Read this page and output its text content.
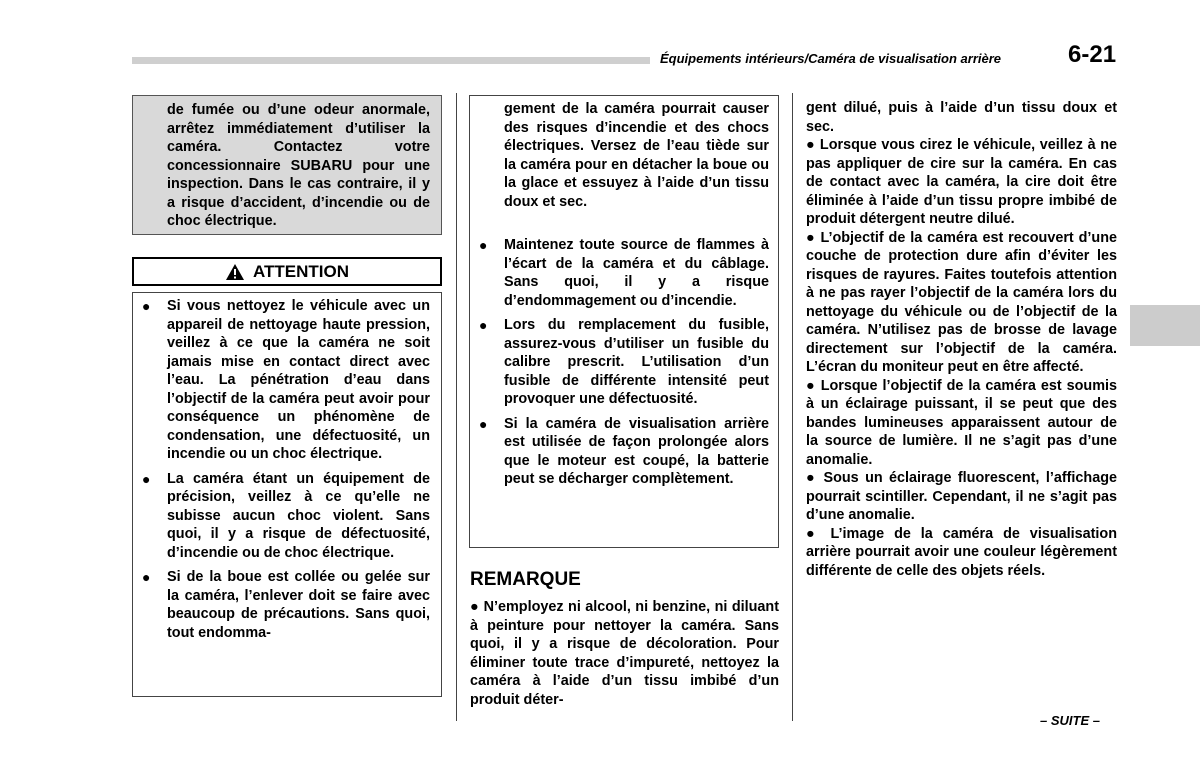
Équipements intérieurs/Caméra de visualisation arrière	6-21
de fumée ou d’une odeur anormale, arrêtez immédiatement d’utiliser la caméra. Contactez votre concessionnaire SUBARU pour une inspection. Dans le cas contraire, il y a risque d’accident, d’incendie ou de choc électrique.
ATTENTION
● Si vous nettoyez le véhicule avec un appareil de nettoyage haute pression, veillez à ce que la caméra ne soit jamais mise en contact direct avec l’eau. La pénétration d’eau dans l’objectif de la caméra peut avoir pour conséquence un phénomène de condensation, une défectuosité, un incendie ou un choc électrique.
● La caméra étant un équipement de précision, veillez à ce qu’elle ne subisse aucun choc violent. Sans quoi, il y a risque de défectuosité, d’incendie ou de choc électrique.
● Si de la boue est collée ou gelée sur la caméra, l’enlever doit se faire avec beaucoup de précautions. Sans quoi, tout endomma-
gement de la caméra pourrait causer des risques d’incendie et des chocs électriques. Versez de l’eau tiède sur la caméra pour en détacher la boue ou la glace et essuyez à l’aide d’un tissu doux et sec.
● Maintenez toute source de flammes à l’écart de la caméra et du câblage. Sans quoi, il y a risque d’endommagement ou d’incendie.
● Lors du remplacement du fusible, assurez-vous d’utiliser un fusible du calibre prescrit. L’utilisation d’un fusible de différente intensité peut provoquer une défectuosité.
● Si la caméra de visualisation arrière est utilisée de façon prolongée alors que le moteur est coupé, la batterie peut se décharger complètement.
REMARQUE
● N’employez ni alcool, ni benzine, ni diluant à peinture pour nettoyer la caméra. Sans quoi, il y a risque de décoloration. Pour éliminer toute trace d’impureté, nettoyez la caméra à l’aide d’un tissu imbibé d’un produit déter-
gent dilué, puis à l’aide d’un tissu doux et sec.
● Lorsque vous cirez le véhicule, veillez à ne pas appliquer de cire sur la caméra. En cas de contact avec la caméra, la cire doit être éliminée à l’aide d’un tissu propre imbibé de produit détergent neutre dilué.
● L’objectif de la caméra est recouvert d’une couche de protection dure afin d’éviter les risques de rayures. Faites toutefois attention à ne pas rayer l’objectif de la caméra lors du nettoyage du véhicule ou de l’objectif de la caméra. N’utilisez pas de brosse de lavage directement sur l’objectif de la caméra. L’écran du moniteur peut en être affecté.
● Lorsque l’objectif de la caméra est soumis à un éclairage puissant, il se peut que des bandes lumineuses apparaissent autour de la source de lumière. Il ne s’agit pas d’une anomalie.
● Sous un éclairage fluorescent, l’affichage pourrait scintiller. Cependant, il ne s’agit pas d’une anomalie.
● L’image de la caméra de visualisation arrière pourrait avoir une couleur légèrement différente de celle des objets réels.
– SUITE –
